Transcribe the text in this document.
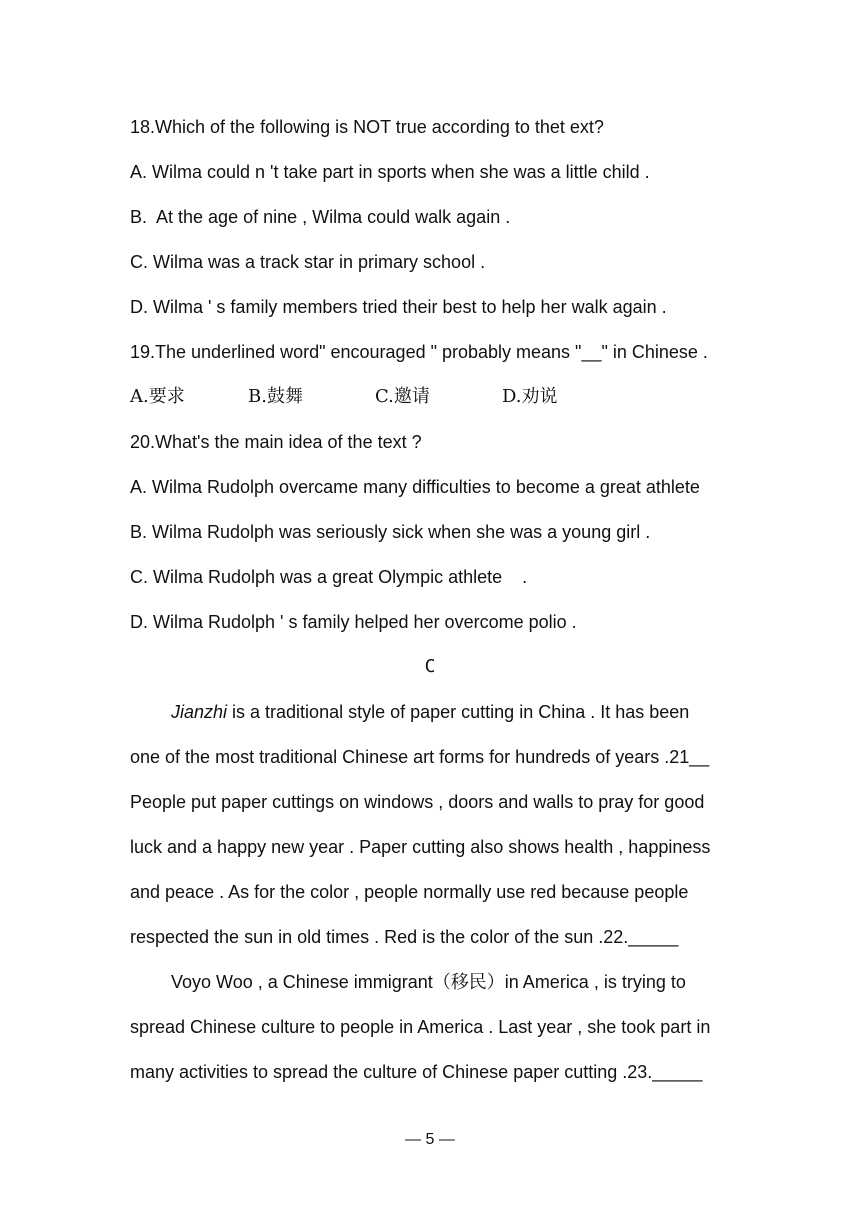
18.Which of the following is NOT true according to thet ext?
A. Wilma could n 't take part in sports when she was a little child .
B.  At the age of nine , Wilma could walk again .
C. Wilma was a track star in primary school .
D. Wilma ' s family members tried their best to help her walk again .
19.The underlined word" encouraged " probably means "__" in Chinese .
A.要求	B.鼓舞	C.邀请	D.劝说
20.What's the main idea of the text ?
A. Wilma Rudolph overcame many difficulties to become a great athlete
B. Wilma Rudolph was seriously sick when she was a young girl .
C. Wilma Rudolph was a great Olympic athlete    .
D. Wilma Rudolph ' s family helped her overcome polio .
C
Jianzhi is a traditional style of paper cutting in China . It has been
one of the most traditional Chinese art forms for hundreds of years .21__
People put paper cuttings on windows , doors and walls to pray for good
luck and a happy new year . Paper cutting also shows health , happiness
and peace . As for the color , people normally use red because people
respected the sun in old times . Red is the color of the sun .22._____
Voyo Woo , a Chinese immigrant（移民）in America , is trying to
spread Chinese culture to people in America . Last year , she took part in
many activities to spread the culture of Chinese paper cutting .23._____
— 5 —
